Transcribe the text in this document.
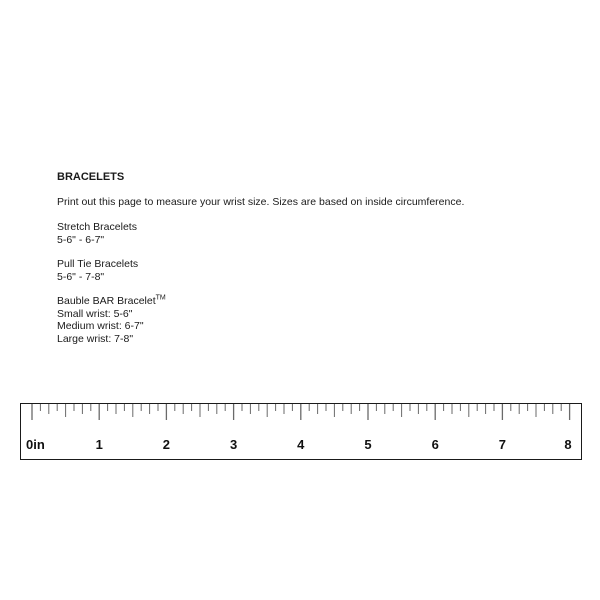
BRACELETS
Print out this page to measure your wrist size. Sizes are based on inside circumference.
Stretch Bracelets
5-6" - 6-7"
Pull Tie Bracelets
5-6" - 7-8"
Bauble BAR Bracelet™
Small wrist: 5-6"
Medium wrist: 6-7"
Large wrist: 7-8"
0in	1	2	3	4	5	6	7	8
